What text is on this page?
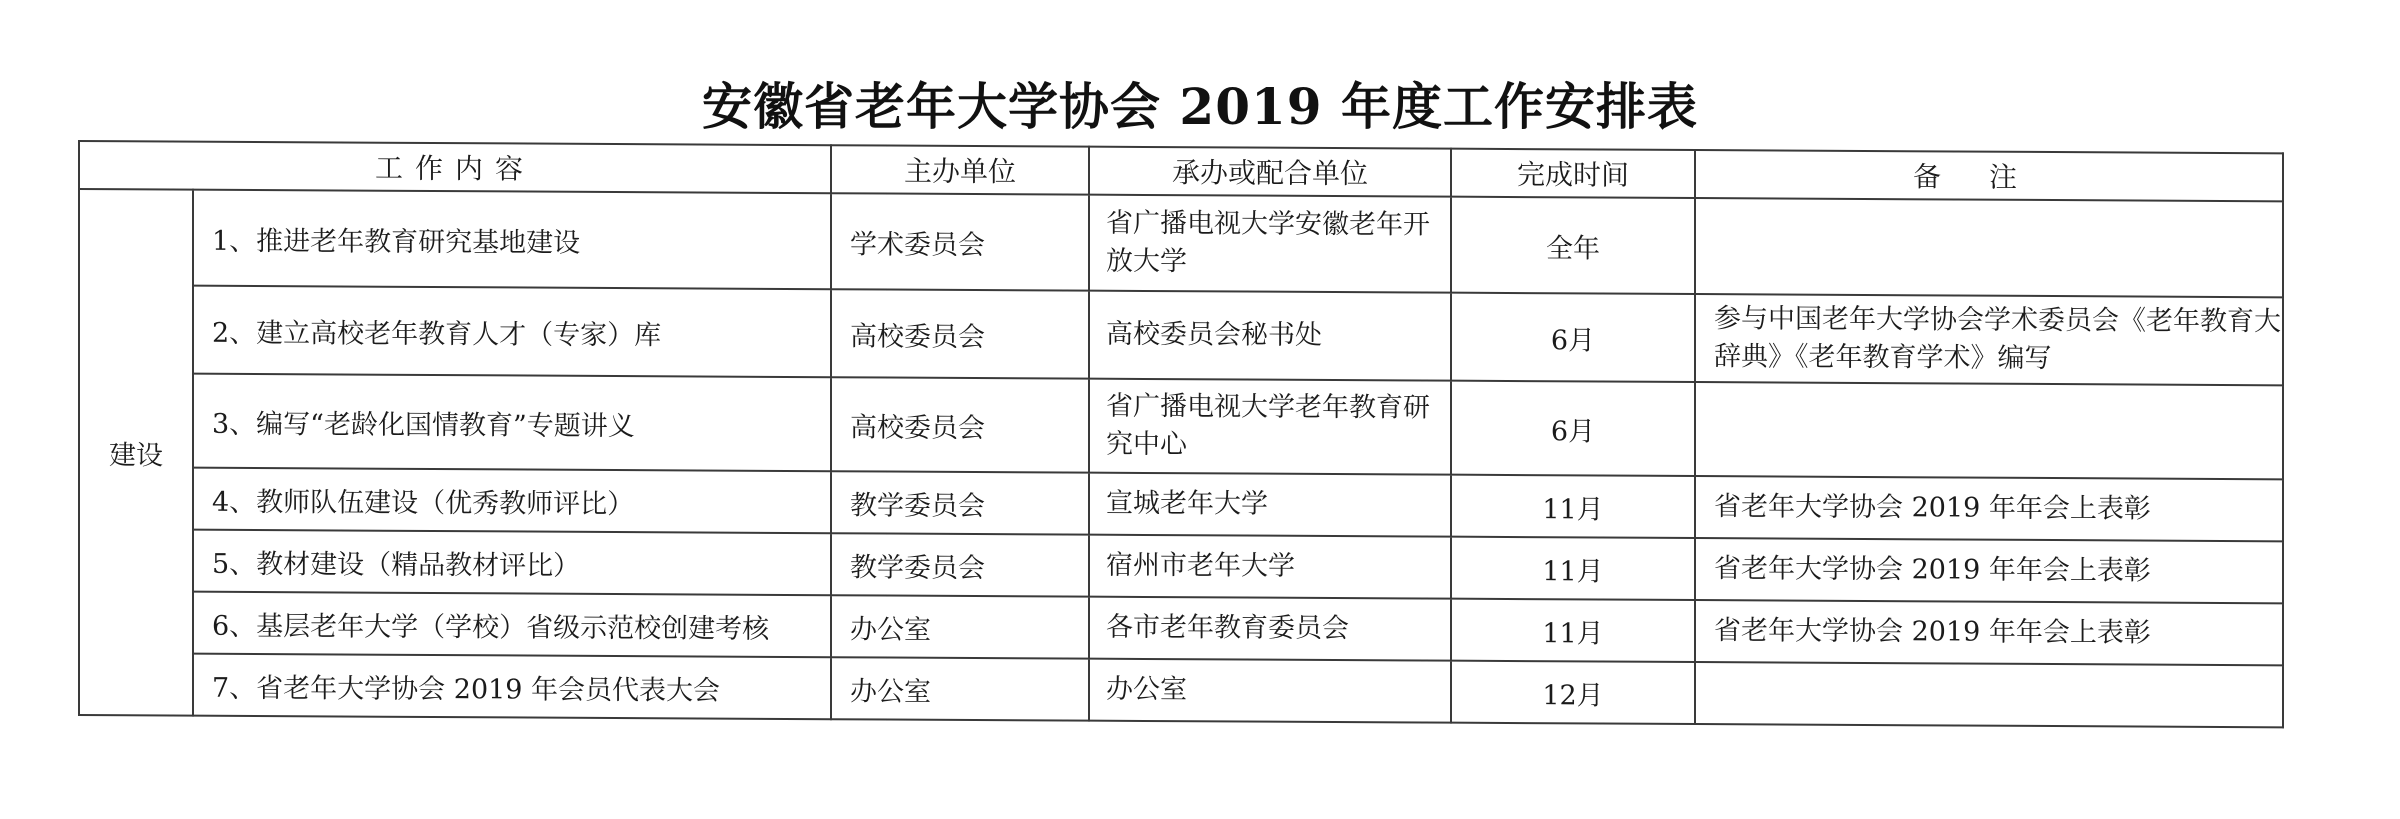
安徽省老年大学协会 2019 年度工作安排表
工作内容		主办单位	承办或配合单位	完成时间	备注
建设	1、推进老年教育研究基地建设	学术委员会	省广播电视大学安徽老年开放大学	全年	
	2、建立高校老年教育人才（专家）库	高校委员会	高校委员会秘书处	6月	参与中国老年大学协会学术委员会《老年教育大辞典》《老年教育学术》编写
	3、编写“老龄化国情教育”专题讲义	高校委员会	省广播电视大学老年教育研究中心	6月	
	4、教师队伍建设（优秀教师评比）	教学委员会	宣城老年大学	11月	省老年大学协会 2019 年年会上表彰
	5、教材建设（精品教材评比）	教学委员会	宿州市老年大学	11月	省老年大学协会 2019 年年会上表彰
	6、基层老年大学（学校）省级示范校创建考核	办公室	各市老年教育委员会	11月	省老年大学协会 2019 年年会上表彰
	7、省老年大学协会 2019 年会员代表大会	办公室	办公室	12月	
